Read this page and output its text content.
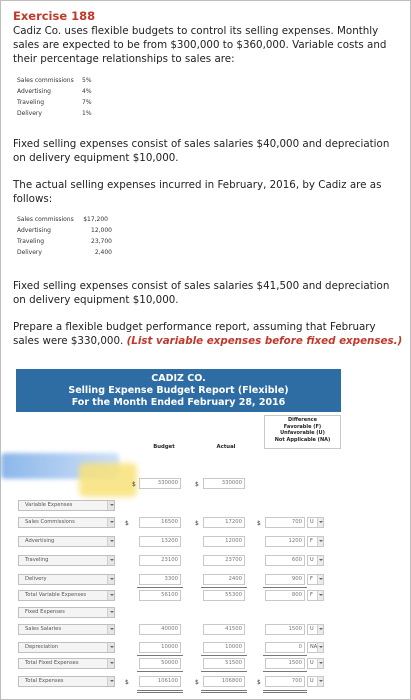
Exercise 188
Cadiz Co. uses flexible budgets to control its selling expenses. Monthly sales are expected to be from $300,000 to $360,000. Variable costs and their percentage relationships to sales are:
Sales commissions	5%
Advertising	4%
Traveling	7%
Delivery	1%
Fixed selling expenses consist of sales salaries $40,000 and depreciation on delivery equipment $10,000.
The actual selling expenses incurred in February, 2016, by Cadiz are as follows:
Sales commissions	$17,200
Advertising	12,000
Traveling	23,700
Delivery	2,400
Fixed selling expenses consist of sales salaries $41,500 and depreciation on delivery equipment $10,000.
Prepare a flexible budget performance report, assuming that February sales were $330,000. (List variable expenses before fixed expenses.)
CADIZ CO.
Selling Expense Budget Report (Flexible)
For the Month Ended February 28, 2016
Budget	Actual
Difference
Favorable (F)
Unfavorable (U)
Not Applicable (NA)
$	330000	$	330000
Variable Expenses
Sales Commissions	$	16500	$	17200	$	700	U
Advertising	13200	12000	1200	F
Traveling	23100	23700	600	U
Delivery	3300	2400	900	F
Total Variable Expenses	56100	55300	800	F
Fixed Expenses
Sales Salaries	40000	41500	1500	U
Depreciation	10000	10000	0	NA
Total Fixed Expenses	50000	51500	1500	U
Total Expenses	$	106100	$	106800	$	700	U
